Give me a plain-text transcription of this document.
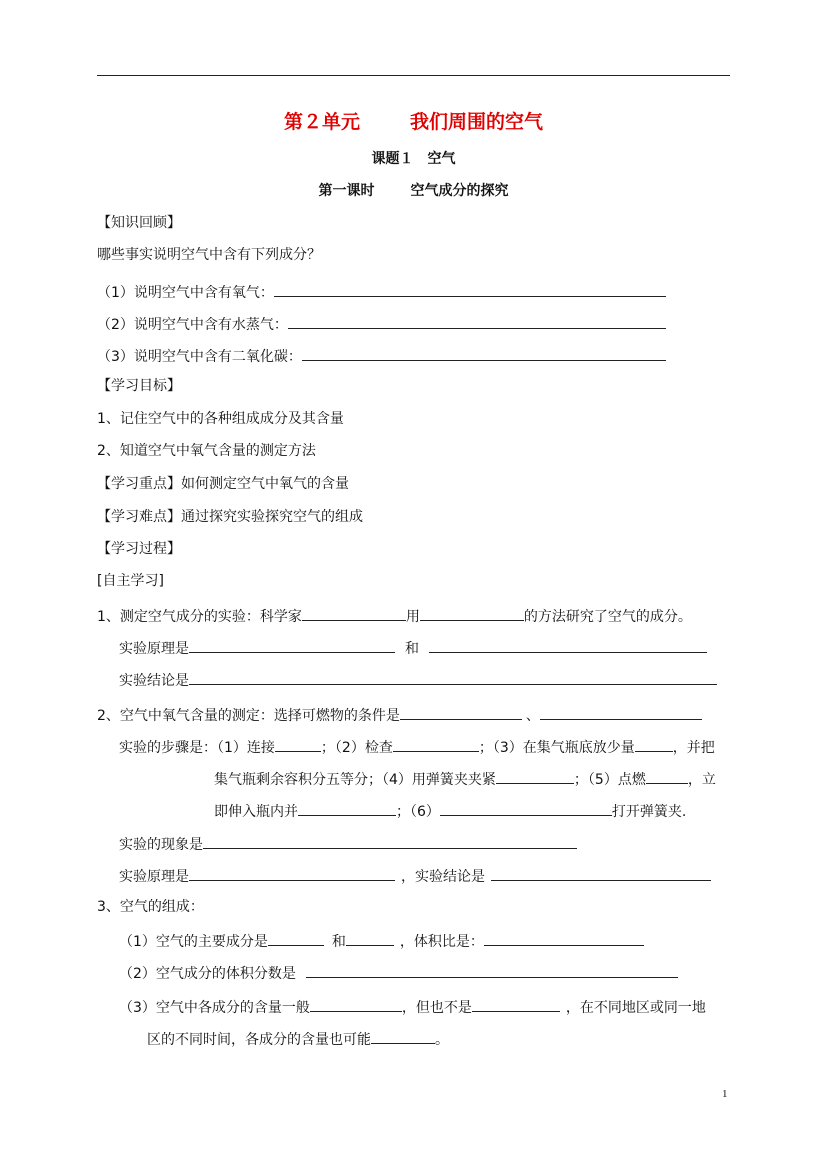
第２单元	我们周围的空气
课题１ 空气
第一课时	空气成分的探究
【知识回顾】
哪些事实说明空气中含有下列成分？
（1）说明空气中含有氧气：
（2）说明空气中含有水蒸气：
（3）说明空气中含有二氧化碳：
【学习目标】
1、记住空气中的各种组成成分及其含量
2、知道空气中氧气含量的测定方法
【学习重点】如何测定空气中氧气的含量
【学习难点】通过探究实验探究空气的组成
【学习过程】
[自主学习]
1、测定空气成分的实验：科学家	用	的方法研究了空气的成分。
实验原理是	和
实验结论是
2、空气中氧气含量的测定：选择可燃物的条件是	、
实验的步骤是：（1）连接	；（2）检查	；（3）在集气瓶底放少量	，并把
集气瓶剩余容积分五等分；（4）用弹簧夹夹紧	；（5）点燃	，立
即伸入瓶内并	；（6）	打开弹簧夹.
实验的现象是
实验原理是	，实验结论是
3、空气的组成：
（1）空气的主要成分是	和	，体积比是：
（2）空气成分的体积分数是
（3）空气中各成分的含量一般	，但也不是	，在不同地区或同一地
区的不同时间，各成分的含量也可能	。
1
